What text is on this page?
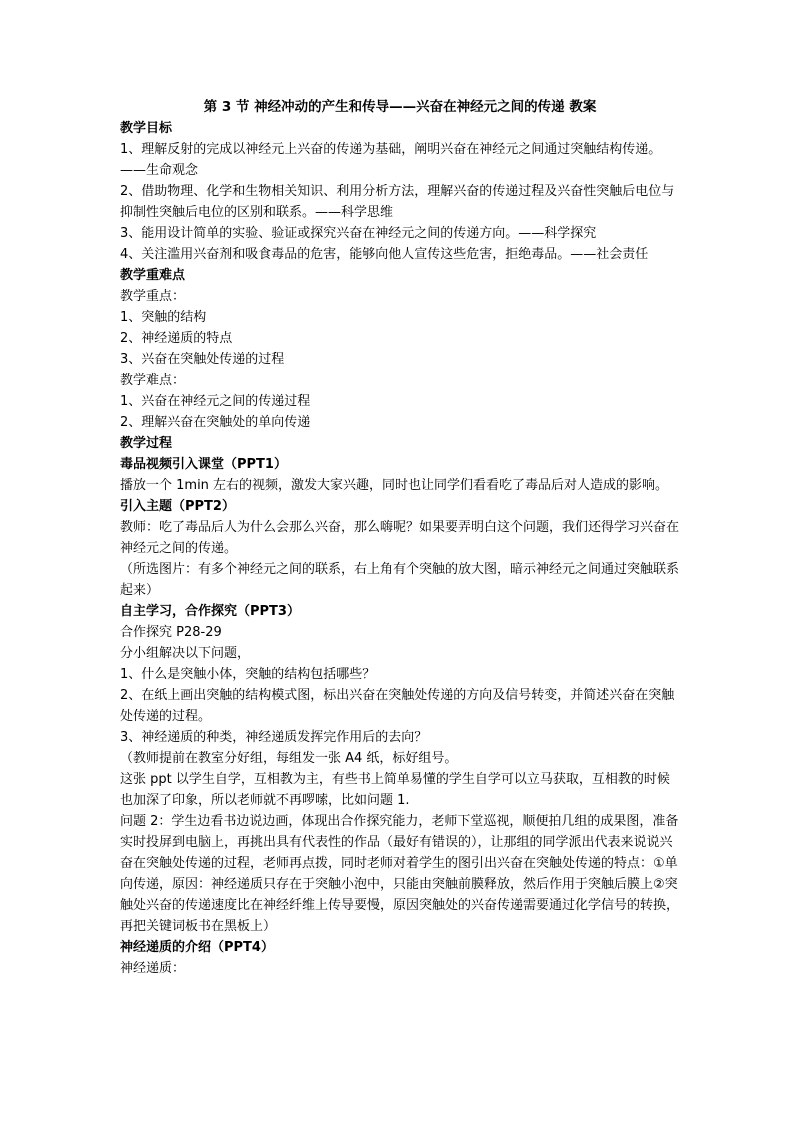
第 3 节 神经冲动的产生和传导——兴奋在神经元之间的传递 教案

教学目标

1、理解反射的完成以神经元上兴奋的传递为基础，阐明兴奋在神经元之间通过突触结构传递。——生命观念

2、借助物理、化学和生物相关知识、利用分析方法，理解兴奋的传递过程及兴奋性突触后电位与抑制性突触后电位的区别和联系。——科学思维

3、能用设计简单的实验、验证或探究兴奋在神经元之间的传递方向。——科学探究

4、关注滥用兴奋剂和吸食毒品的危害，能够向他人宣传这些危害，拒绝毒品。——社会责任

教学重难点

教学重点：

1、突触的结构

2、神经递质的特点

3、兴奋在突触处传递的过程

教学难点：

1、兴奋在神经元之间的传递过程

2、理解兴奋在突触处的单向传递

教学过程

毒品视频引入课堂（PPT1）

播放一个 1min 左右的视频，激发大家兴趣，同时也让同学们看看吃了毒品后对人造成的影响。

引入主题（PPT2）

教师：吃了毒品后人为什么会那么兴奋，那么嗨呢？如果要弄明白这个问题，我们还得学习兴奋在神经元之间的传递。

（所选图片：有多个神经元之间的联系，右上角有个突触的放大图，暗示神经元之间通过突触联系起来）

自主学习，合作探究（PPT3）

合作探究 P28-29

分小组解决以下问题，

1、什么是突触小体，突触的结构包括哪些？

2、在纸上画出突触的结构模式图，标出兴奋在突触处传递的方向及信号转变，并简述兴奋在突触处传递的过程。

3、神经递质的种类，神经递质发挥完作用后的去向？

（教师提前在教室分好组，每组发一张 A4 纸，标好组号。

这张 ppt 以学生自学，互相教为主，有些书上简单易懂的学生自学可以立马获取，互相教的时候也加深了印象，所以老师就不再啰嗦，比如问题 1.

问题 2：学生边看书边说边画，体现出合作探究能力，老师下堂巡视，顺便拍几组的成果图，准备实时投屏到电脑上，再挑出具有代表性的作品（最好有错误的），让那组的同学派出代表来说说兴奋在突触处传递的过程，老师再点拨，同时老师对着学生的图引出兴奋在突触处传递的特点：①单向传递，原因：神经递质只存在于突触小泡中，只能由突触前膜释放，然后作用于突触后膜上②突触处兴奋的传递速度比在神经纤维上传导要慢，原因突触处的兴奋传递需要通过化学信号的转换，再把关键词板书在黑板上）

神经递质的介绍（PPT4）

神经递质：
